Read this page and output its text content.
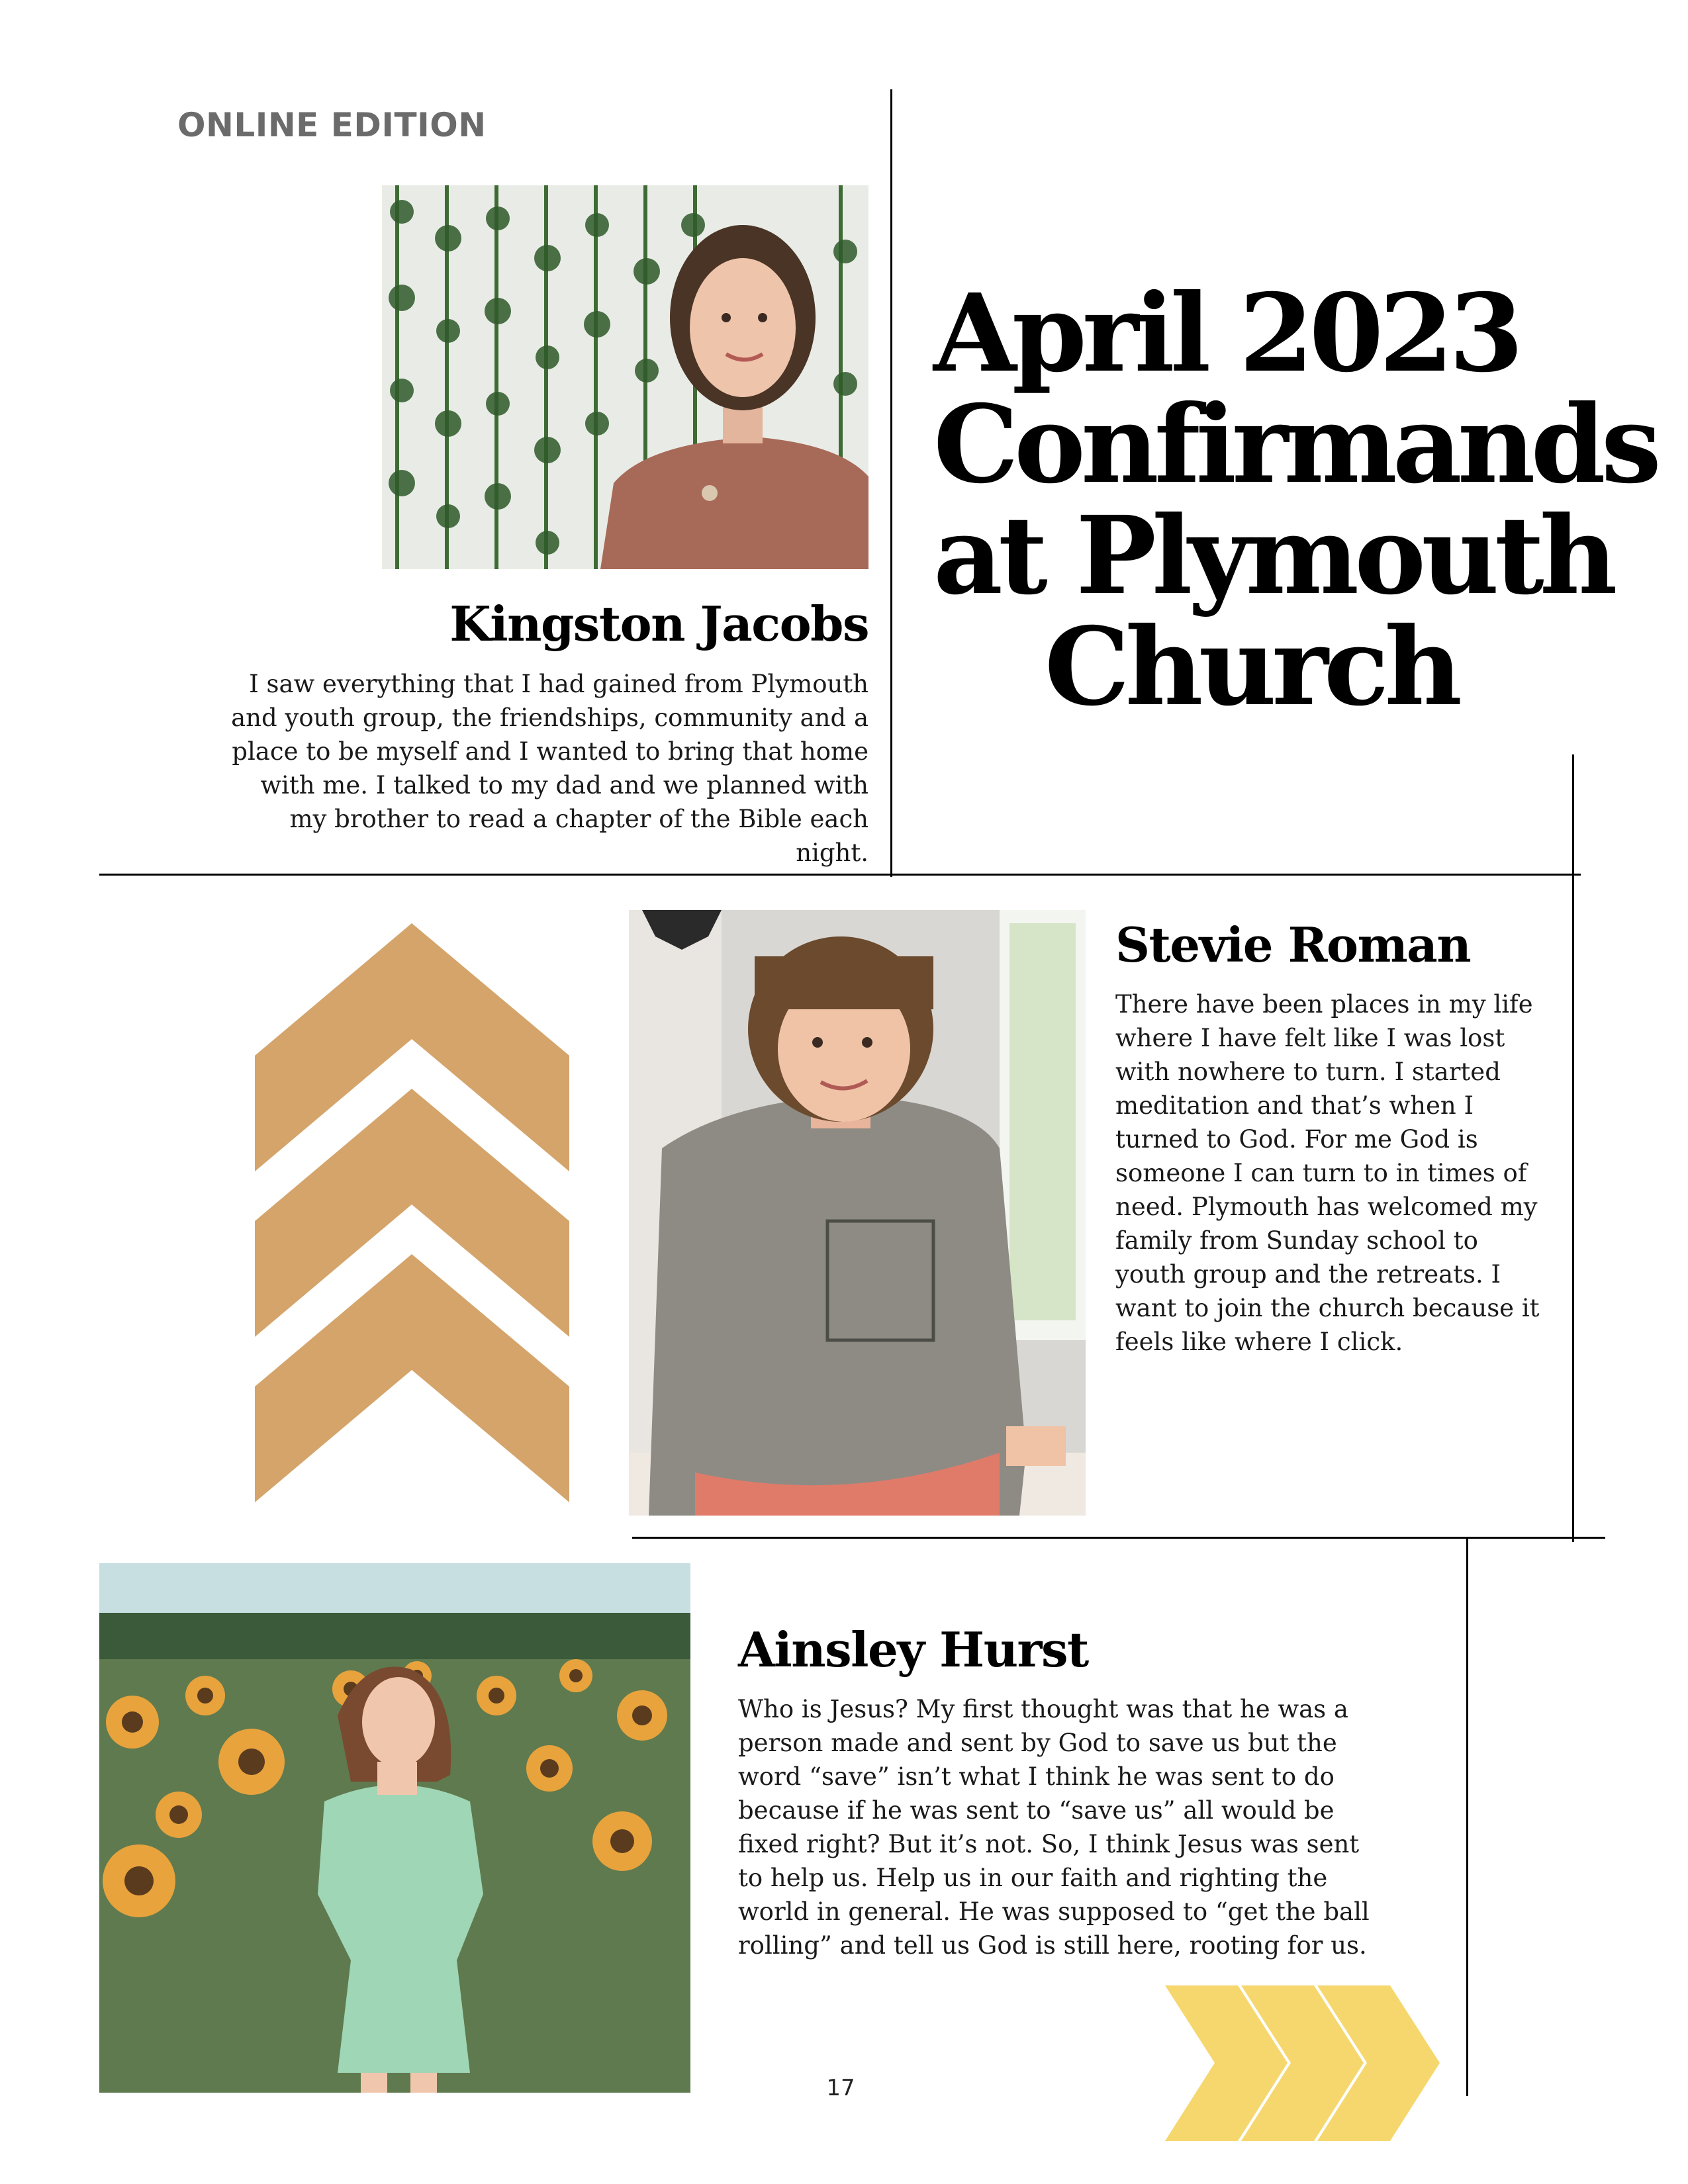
ONLINE EDITION
April 2023
Confirmands
at Plymouth
Church
Kingston Jacobs
I saw everything that I had gained from Plymouth and youth group, the friendships, community and a place to be myself and I wanted to bring that home with me. I talked to my dad and we planned with my brother to read a chapter of the Bible each night.
Stevie Roman
There have been places in my life where I have felt like I was lost with nowhere to turn. I started meditation and that’s when I turned to God. For me God is someone I can turn to in times of need. Plymouth has welcomed my family from Sunday school to youth group and the retreats. I want to join the church because it feels like where I click.
Ainsley Hurst
Who is Jesus? My first thought was that he was a person made and sent by God to save us but the word “save” isn’t what I think he was sent to do because if he was sent to “save us” all would be fixed right? But it’s not. So, I think Jesus was sent to help us. Help us in our faith and righting the world in general. He was supposed to “get the ball rolling” and tell us God is still here, rooting for us.
17
